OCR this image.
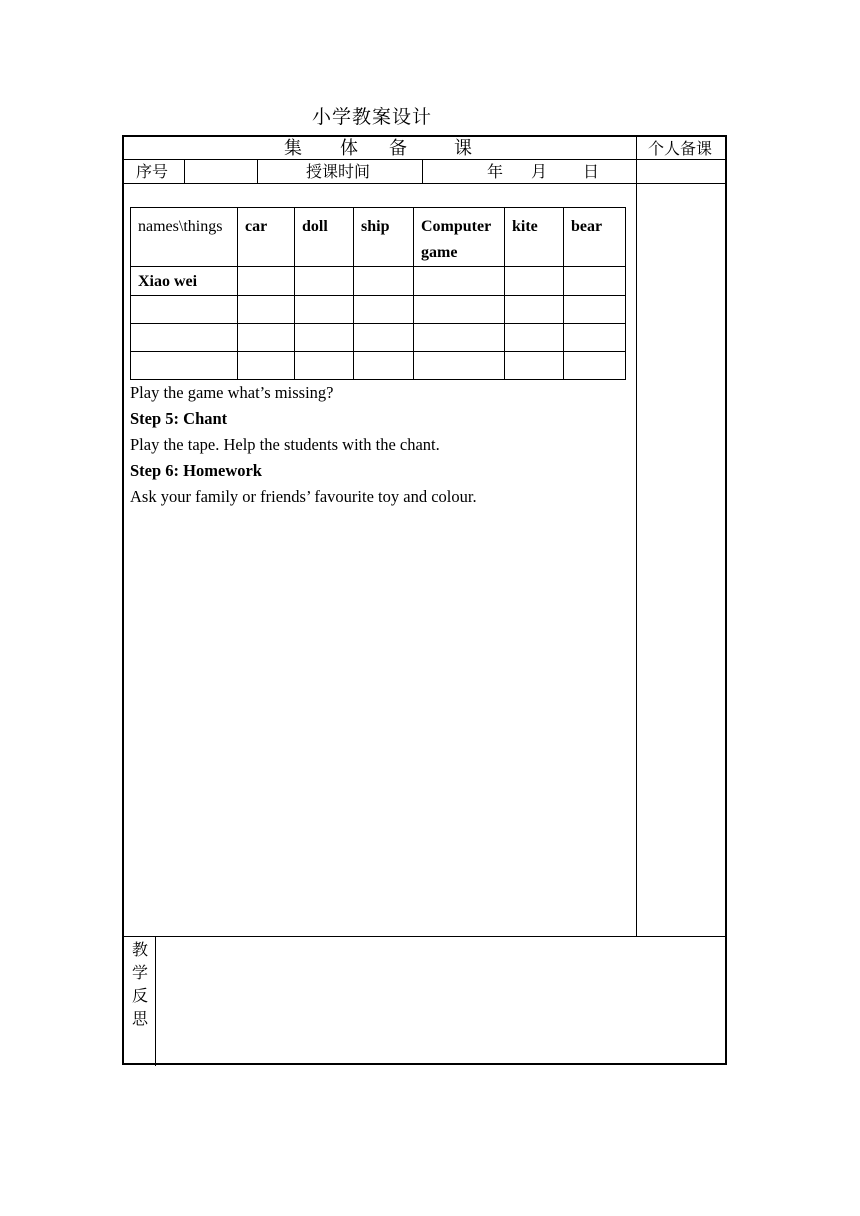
小学教案设计
集 体 备	课	个人备课
序号	授课时间	年 月 日
names\things	car	doll	ship	Computer game	kite	bear
Xiao wei						

Play the game what’s missing?
Step 5: Chant
Play the tape. Help the students with the chant.
Step 6: Homework
Ask your family or friends’ favourite toy and colour.
教
学
反
思
